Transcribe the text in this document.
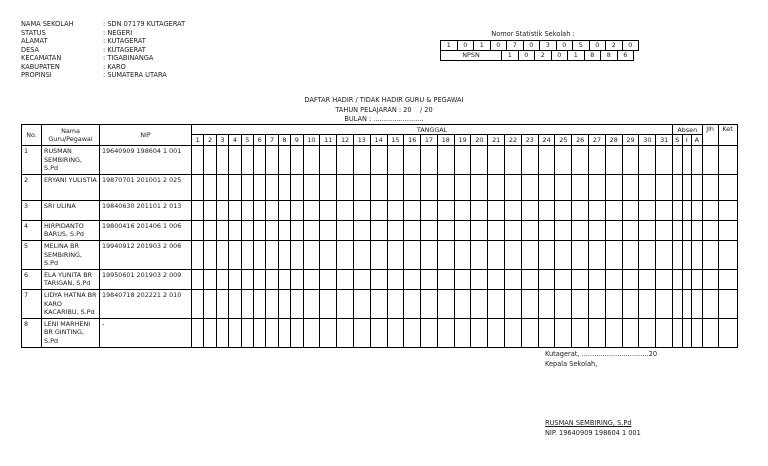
NAMA SEKOLAH	: SDN 07179 KUTAGERAT
STATUS	: NEGERI
ALAMAT	: KUTAGERAT
DESA	: KUTAGERAT
KECAMATAN	: TIGABINANGA
KABUPATEN	: KARO
PROPINSI	: SUMATERA UTARA
Nomor Statistik Sekolah :
1	0	1	0	7	0	3	0	5	0	2	0
NPSN	1	0	2	0	1	8	8	6
DAFTAR HADIR / TIDAK HADIR GURU & PEGAWAI
TAHUN PELAJARAN : 20    / 20
BULAN : ........................
No.	Nama Guru/Pegawai	NIP	TANGGAL																															Absen			Jlh	Ket
			1	2	3	4	5	6	7	8	9	10	11	12	13	14	15	16	17	18	19	20	21	22	23	24	25	26	27	28	29	30	31	S	I	A		
1	RUSMAN SEMBIRING, S.Pd	19640909 198604 1 001																																				
2	ERYANI YULISTIA	19870701 201001 2 025																																				
3	SRI ULINA	19840630 201101 2 013																																				
4	HIRPIDANTO BARUS, S.Pd	19800416 201406 1 006																																				
5	MELINA BR SEMBIRING, S.Pd	19940912 201903 2 006																																				
6	ELA YUNITA BR TARIGAN, S.Pd	19950601 201903 2 009																																				
7	LIDYA HATNA BR KARO KACARIBU, S.Pd	19840718 202221 2 010																																				
8	LENI MARHENI BR GINTING, S.Pd	-																																				
Kutagerat, ................................20
Kepala Sekolah,
RUSMAN SEMBIRING, S.Pd
NIP. 19640909 198604 1 001
